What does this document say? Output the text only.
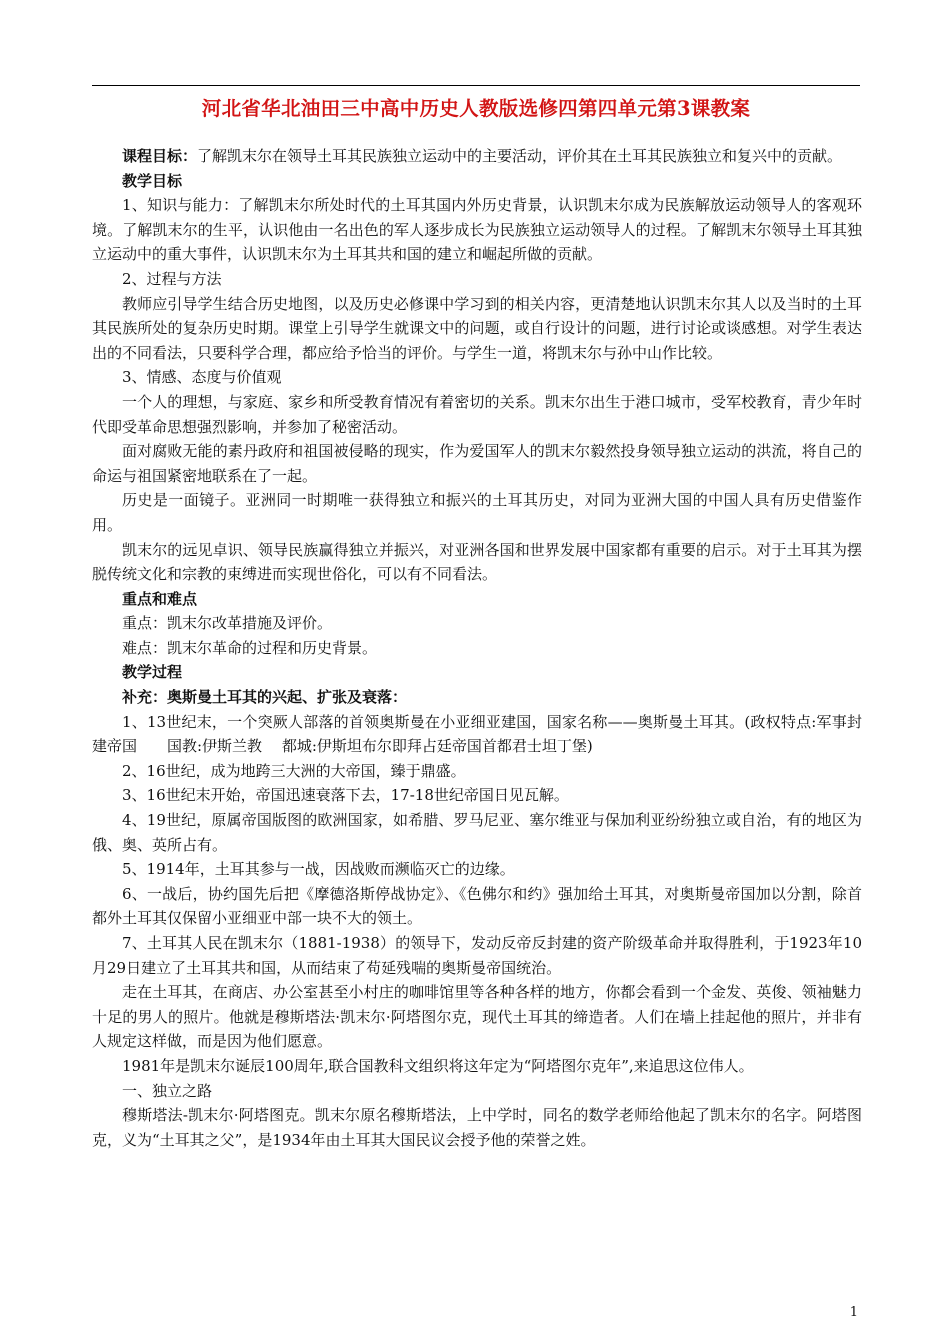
河北省华北油田三中高中历史人教版选修四第四单元第3课教案

课程目标：了解凯末尔在领导土耳其民族独立运动中的主要活动，评价其在土耳其民族独立和复兴中的贡献。

教学目标

1、知识与能力：了解凯末尔所处时代的土耳其国内外历史背景，认识凯末尔成为民族解放运动领导人的客观环境。了解凯末尔的生平，认识他由一名出色的军人逐步成长为民族独立运动领导人的过程。了解凯末尔领导土耳其独立运动中的重大事件，认识凯末尔为土耳其共和国的建立和崛起所做的贡献。

2、过程与方法

教师应引导学生结合历史地图，以及历史必修课中学习到的相关内容，更清楚地认识凯末尔其人以及当时的土耳其民族所处的复杂历史时期。课堂上引导学生就课文中的问题，或自行设计的问题，进行讨论或谈感想。对学生表达出的不同看法，只要科学合理，都应给予恰当的评价。与学生一道，将凯末尔与孙中山作比较。

3、情感、态度与价值观

一个人的理想，与家庭、家乡和所受教育情况有着密切的关系。凯末尔出生于港口城市，受军校教育，青少年时代即受革命思想强烈影响，并参加了秘密活动。

面对腐败无能的素丹政府和祖国被侵略的现实，作为爱国军人的凯末尔毅然投身领导独立运动的洪流，将自己的命运与祖国紧密地联系在了一起。

历史是一面镜子。亚洲同一时期唯一获得独立和振兴的土耳其历史，对同为亚洲大国的中国人具有历史借鉴作用。

凯末尔的远见卓识、领导民族赢得独立并振兴，对亚洲各国和世界发展中国家都有重要的启示。对于土耳其为摆脱传统文化和宗教的束缚进而实现世俗化，可以有不同看法。

重点和难点

重点：凯末尔改革措施及评价。

难点：凯末尔革命的过程和历史背景。

教学过程

补充：奥斯曼土耳其的兴起、扩张及衰落：

1、13世纪末，一个突厥人部落的首领奥斯曼在小亚细亚建国，国家名称——奥斯曼土耳其。(政权特点:军事封建帝国　　国教:伊斯兰教　 都城:伊斯坦布尔即拜占廷帝国首都君士坦丁堡)

2、16世纪，成为地跨三大洲的大帝国，臻于鼎盛。

3、16世纪末开始，帝国迅速衰落下去，17-18世纪帝国日见瓦解。

4、19世纪，原属帝国版图的欧洲国家，如希腊、罗马尼亚、塞尔维亚与保加利亚纷纷独立或自治，有的地区为俄、奥、英所占有。

5、1914年，土耳其参与一战，因战败而濒临灭亡的边缘。

6、一战后，协约国先后把《摩德洛斯停战协定》、《色佛尔和约》强加给土耳其，对奥斯曼帝国加以分割，除首都外土耳其仅保留小亚细亚中部一块不大的领土。

7、土耳其人民在凯末尔（1881-1938）的领导下，发动反帝反封建的资产阶级革命并取得胜利，于1923年10月29日建立了土耳其共和国，从而结束了苟延残喘的奥斯曼帝国统治。

走在土耳其，在商店、办公室甚至小村庄的咖啡馆里等各种各样的地方，你都会看到一个金发、英俊、领袖魅力十足的男人的照片。他就是穆斯塔法·凯末尔·阿塔图尔克，现代土耳其的缔造者。人们在墙上挂起他的照片，并非有人规定这样做，而是因为他们愿意。

1981年是凯末尔诞辰100周年,联合国教科文组织将这年定为“阿塔图尔克年”,来追思这位伟人。

一、独立之路

穆斯塔法-凯末尔·阿塔图克。凯末尔原名穆斯塔法，上中学时，同名的数学老师给他起了凯末尔的名字。阿塔图克，义为“土耳其之父”，是1934年由土耳其大国民议会授予他的荣誉之姓。

1
